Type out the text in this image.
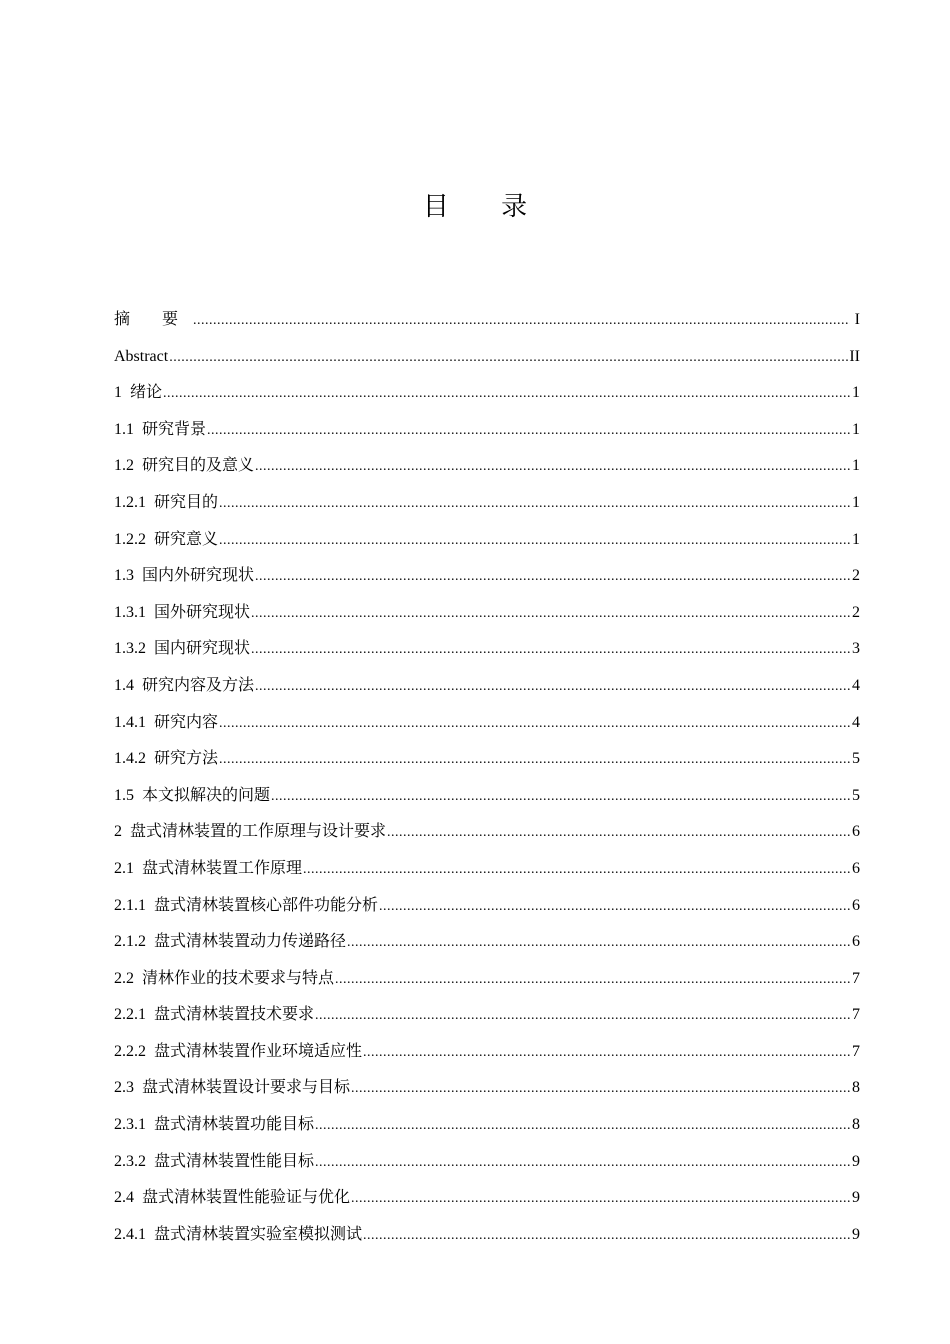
目 录
摘 要 .....	I
Abstract .....	II
1 绪论 .....	1
1.1 研究背景 .....	1
1.2 研究目的及意义 .....	1
1.2.1 研究目的 .....	1
1.2.2 研究意义 .....	1
1.3 国内外研究现状 .....	2
1.3.1 国外研究现状 .....	2
1.3.2 国内研究现状 .....	3
1.4 研究内容及方法 .....	4
1.4.1 研究内容 .....	4
1.4.2 研究方法 .....	5
1.5 本文拟解决的问题 .....	5
2 盘式清林装置的工作原理与设计要求 .....	6
2.1 盘式清林装置工作原理 .....	6
2.1.1 盘式清林装置核心部件功能分析 .....	6
2.1.2 盘式清林装置动力传递路径 .....	6
2.2 清林作业的技术要求与特点 .....	7
2.2.1 盘式清林装置技术要求 .....	7
2.2.2 盘式清林装置作业环境适应性 .....	7
2.3 盘式清林装置设计要求与目标 .....	8
2.3.1 盘式清林装置功能目标 .....	8
2.3.2 盘式清林装置性能目标 .....	9
2.4 盘式清林装置性能验证与优化 .....	9
2.4.1 盘式清林装置实验室模拟测试 .....	9
